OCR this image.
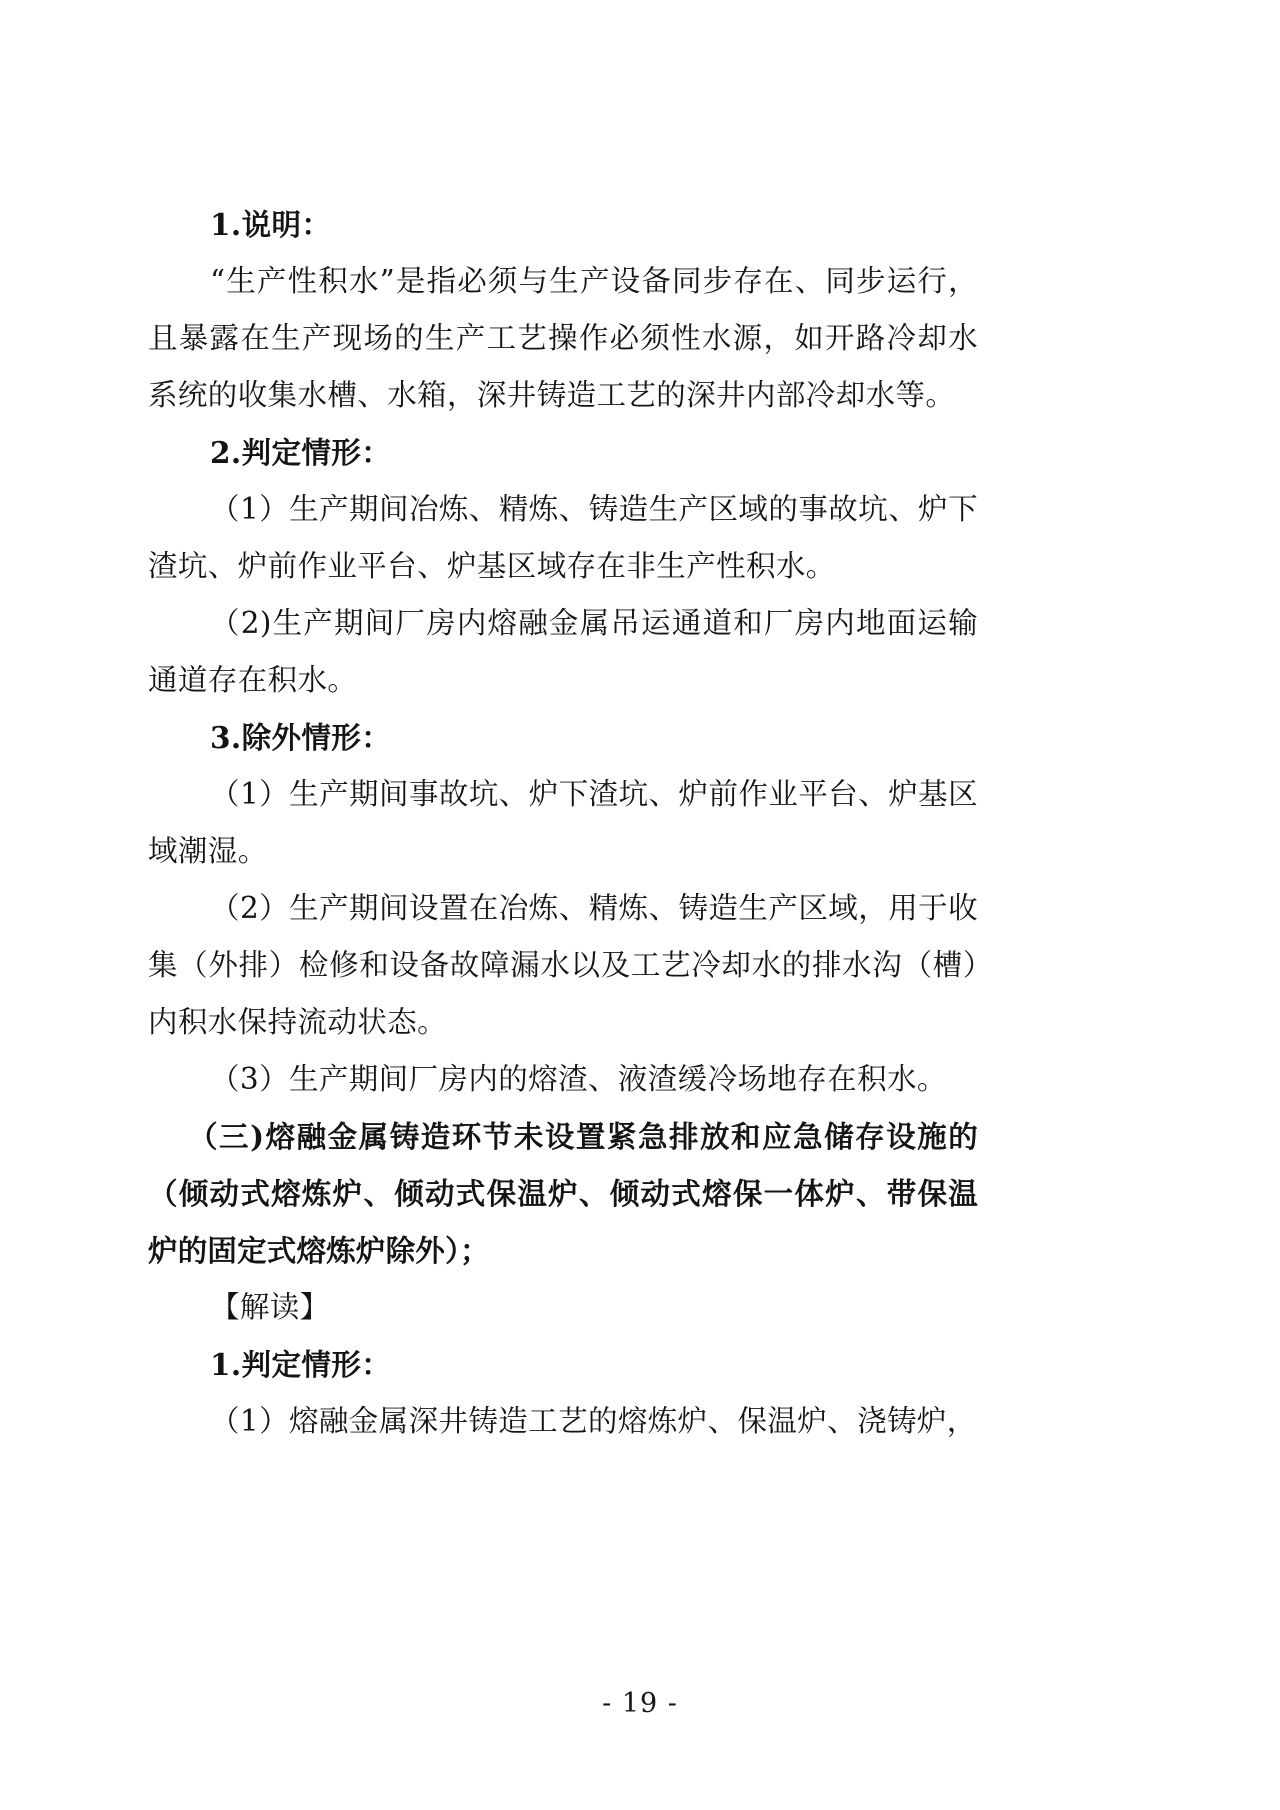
1.说明：

“生产性积水”是指必须与生产设备同步存在、同步运行，且暴露在生产现场的生产工艺操作必须性水源，如开路冷却水系统的收集水槽、水箱，深井铸造工艺的深井内部冷却水等。

2.判定情形：

（1）生产期间冶炼、精炼、铸造生产区域的事故坑、炉下渣坑、炉前作业平台、炉基区域存在非生产性积水。

（2)生产期间厂房内熔融金属吊运通道和厂房内地面运输通道存在积水。

3.除外情形：

（1）生产期间事故坑、炉下渣坑、炉前作业平台、炉基区域潮湿。

（2）生产期间设置在冶炼、精炼、铸造生产区域，用于收集（外排）检修和设备故障漏水以及工艺冷却水的排水沟（槽）内积水保持流动状态。

（3）生产期间厂房内的熔渣、液渣缓冷场地存在积水。

（三)熔融金属铸造环节未设置紧急排放和应急储存设施的（倾动式熔炼炉、倾动式保温炉、倾动式熔保一体炉、带保温炉的固定式熔炼炉除外）；

【解读】

1.判定情形：

（1）熔融金属深井铸造工艺的熔炼炉、保温炉、浇铸炉，

- 19 -
